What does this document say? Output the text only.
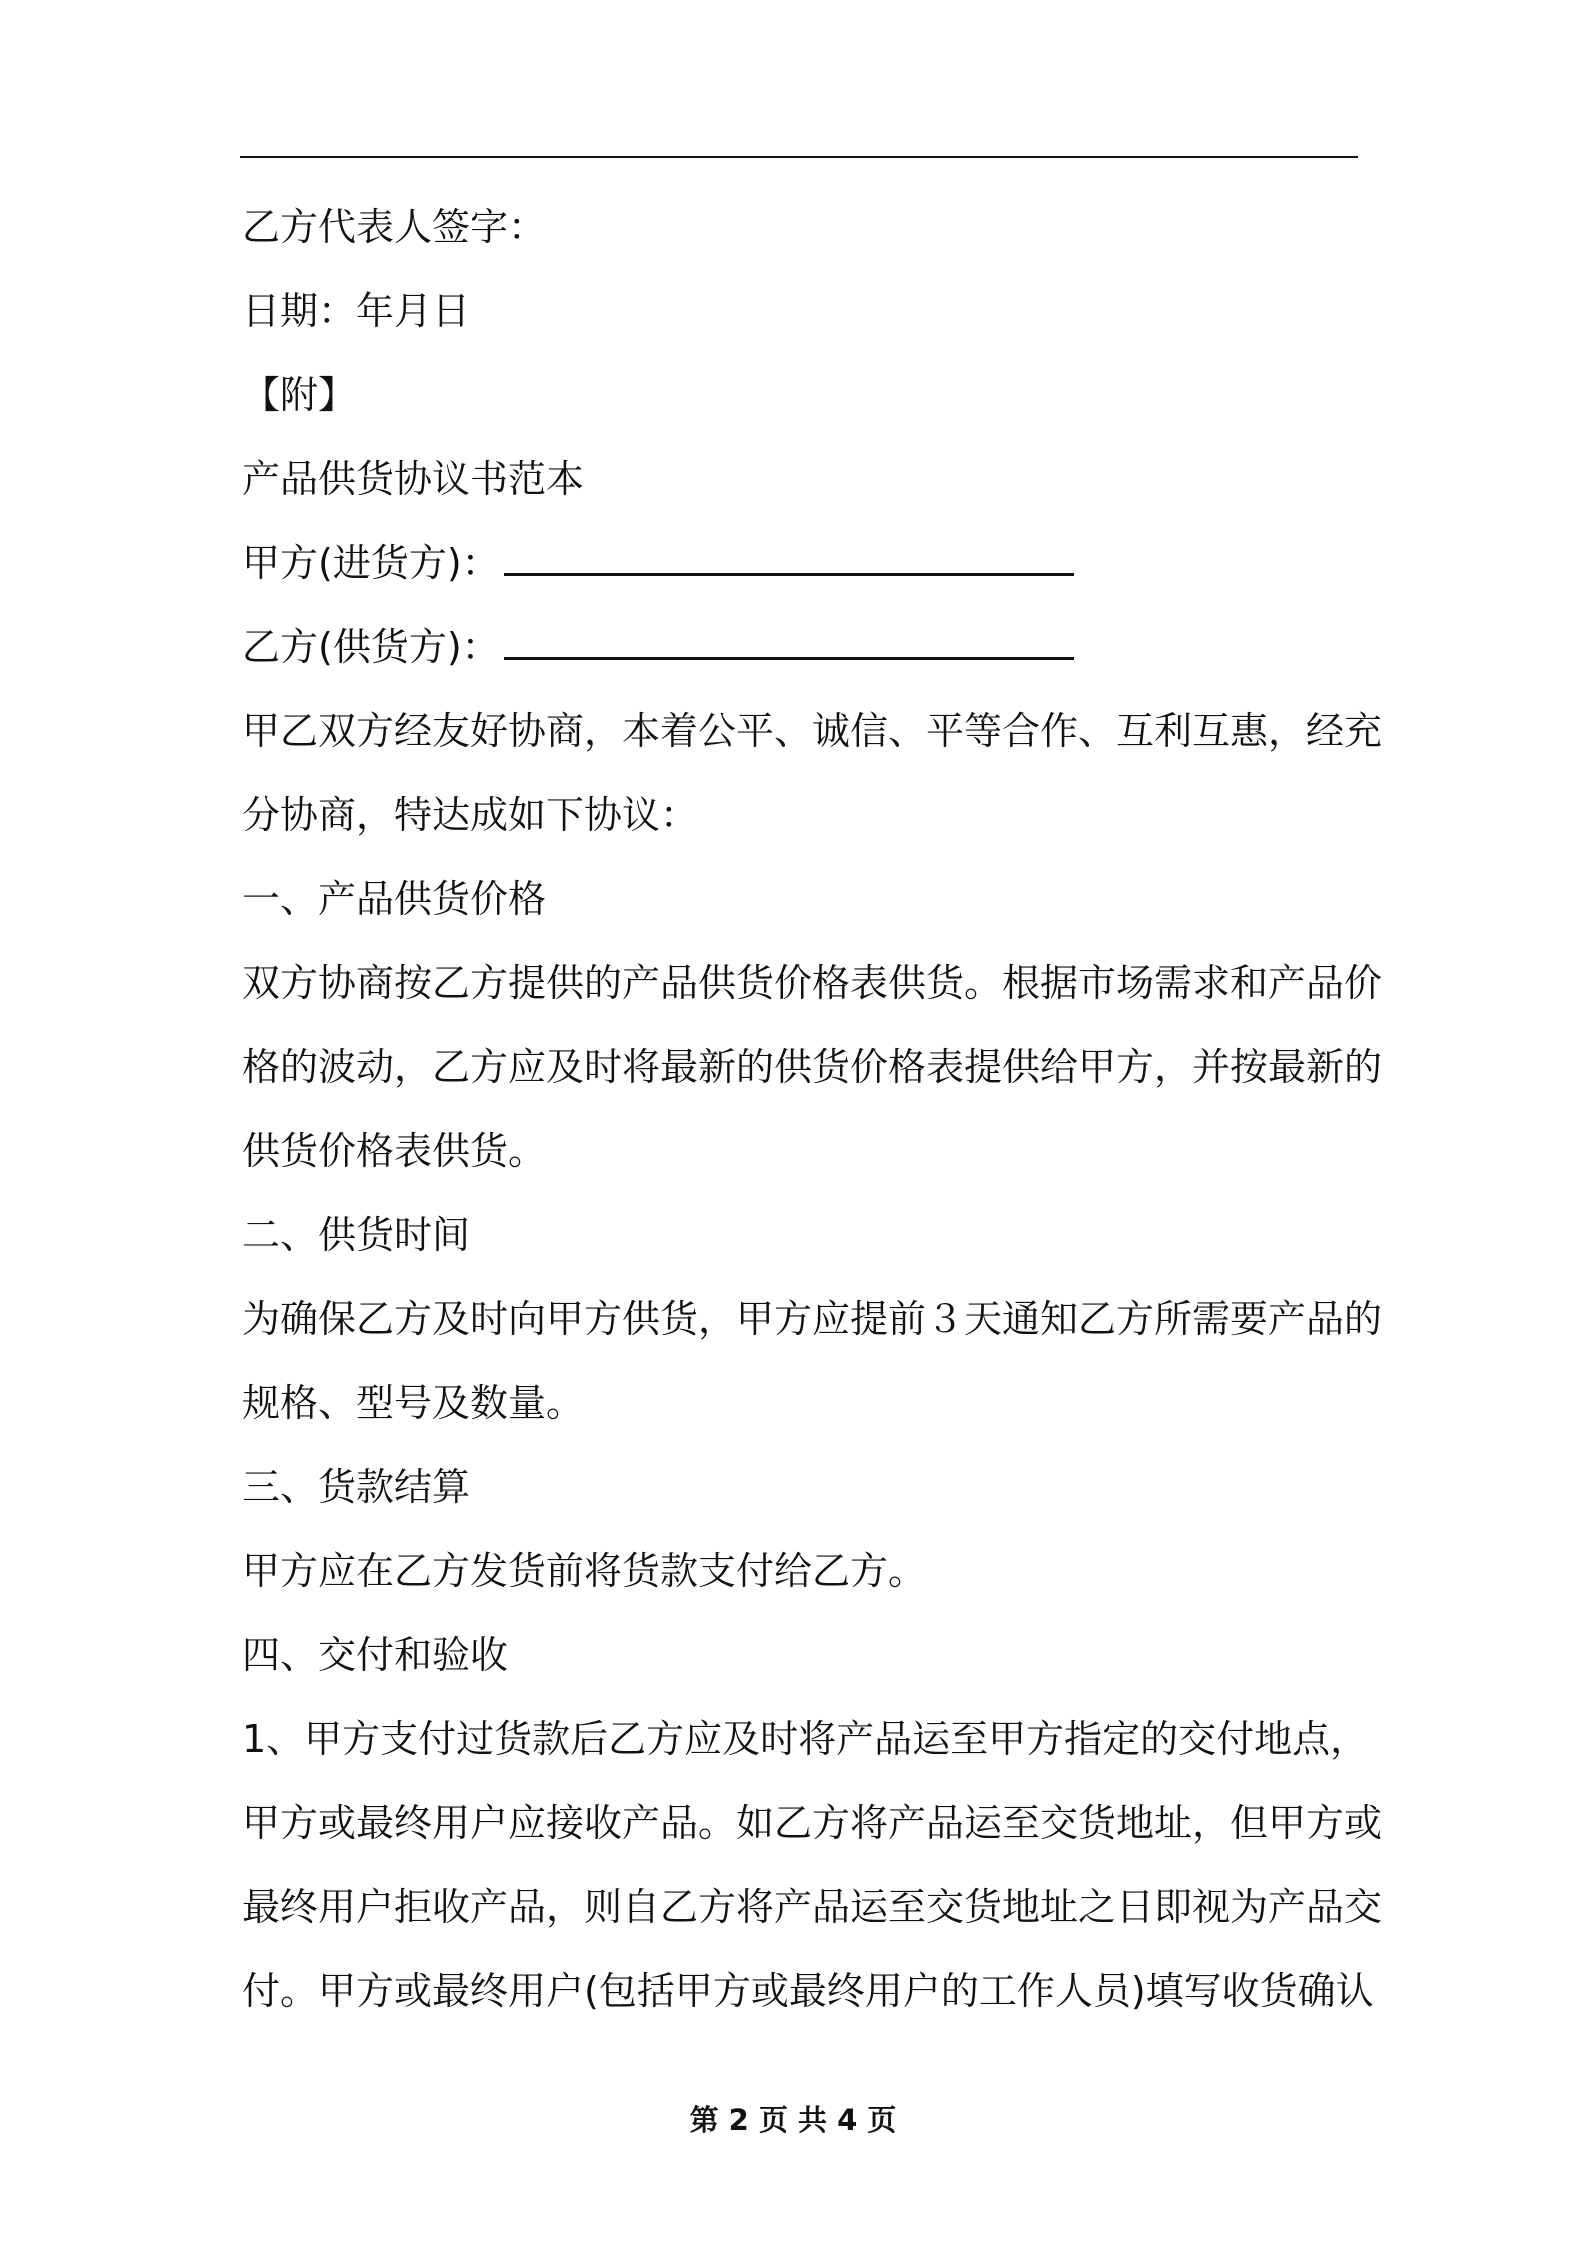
乙方代表人签字：

日期：年月日

【附】

产品供货协议书范本

甲方(进货方)：

乙方(供货方)：

甲乙双方经友好协商，本着公平、诚信、平等合作、互利互惠，经充

分协商，特达成如下协议：

一、产品供货价格

双方协商按乙方提供的产品供货价格表供货。根据市场需求和产品价

格的波动，乙方应及时将最新的供货价格表提供给甲方，并按最新的

供货价格表供货。

二、供货时间

为确保乙方及时向甲方供货，甲方应提前３天通知乙方所需要产品的

规格、型号及数量。

三、货款结算

甲方应在乙方发货前将货款支付给乙方。

四、交付和验收

1、甲方支付过货款后乙方应及时将产品运至甲方指定的交付地点，

甲方或最终用户应接收产品。如乙方将产品运至交货地址，但甲方或

最终用户拒收产品，则自乙方将产品运至交货地址之日即视为产品交

付。甲方或最终用户(包括甲方或最终用户的工作人员)填写收货确认

第 2 页 共 4 页
